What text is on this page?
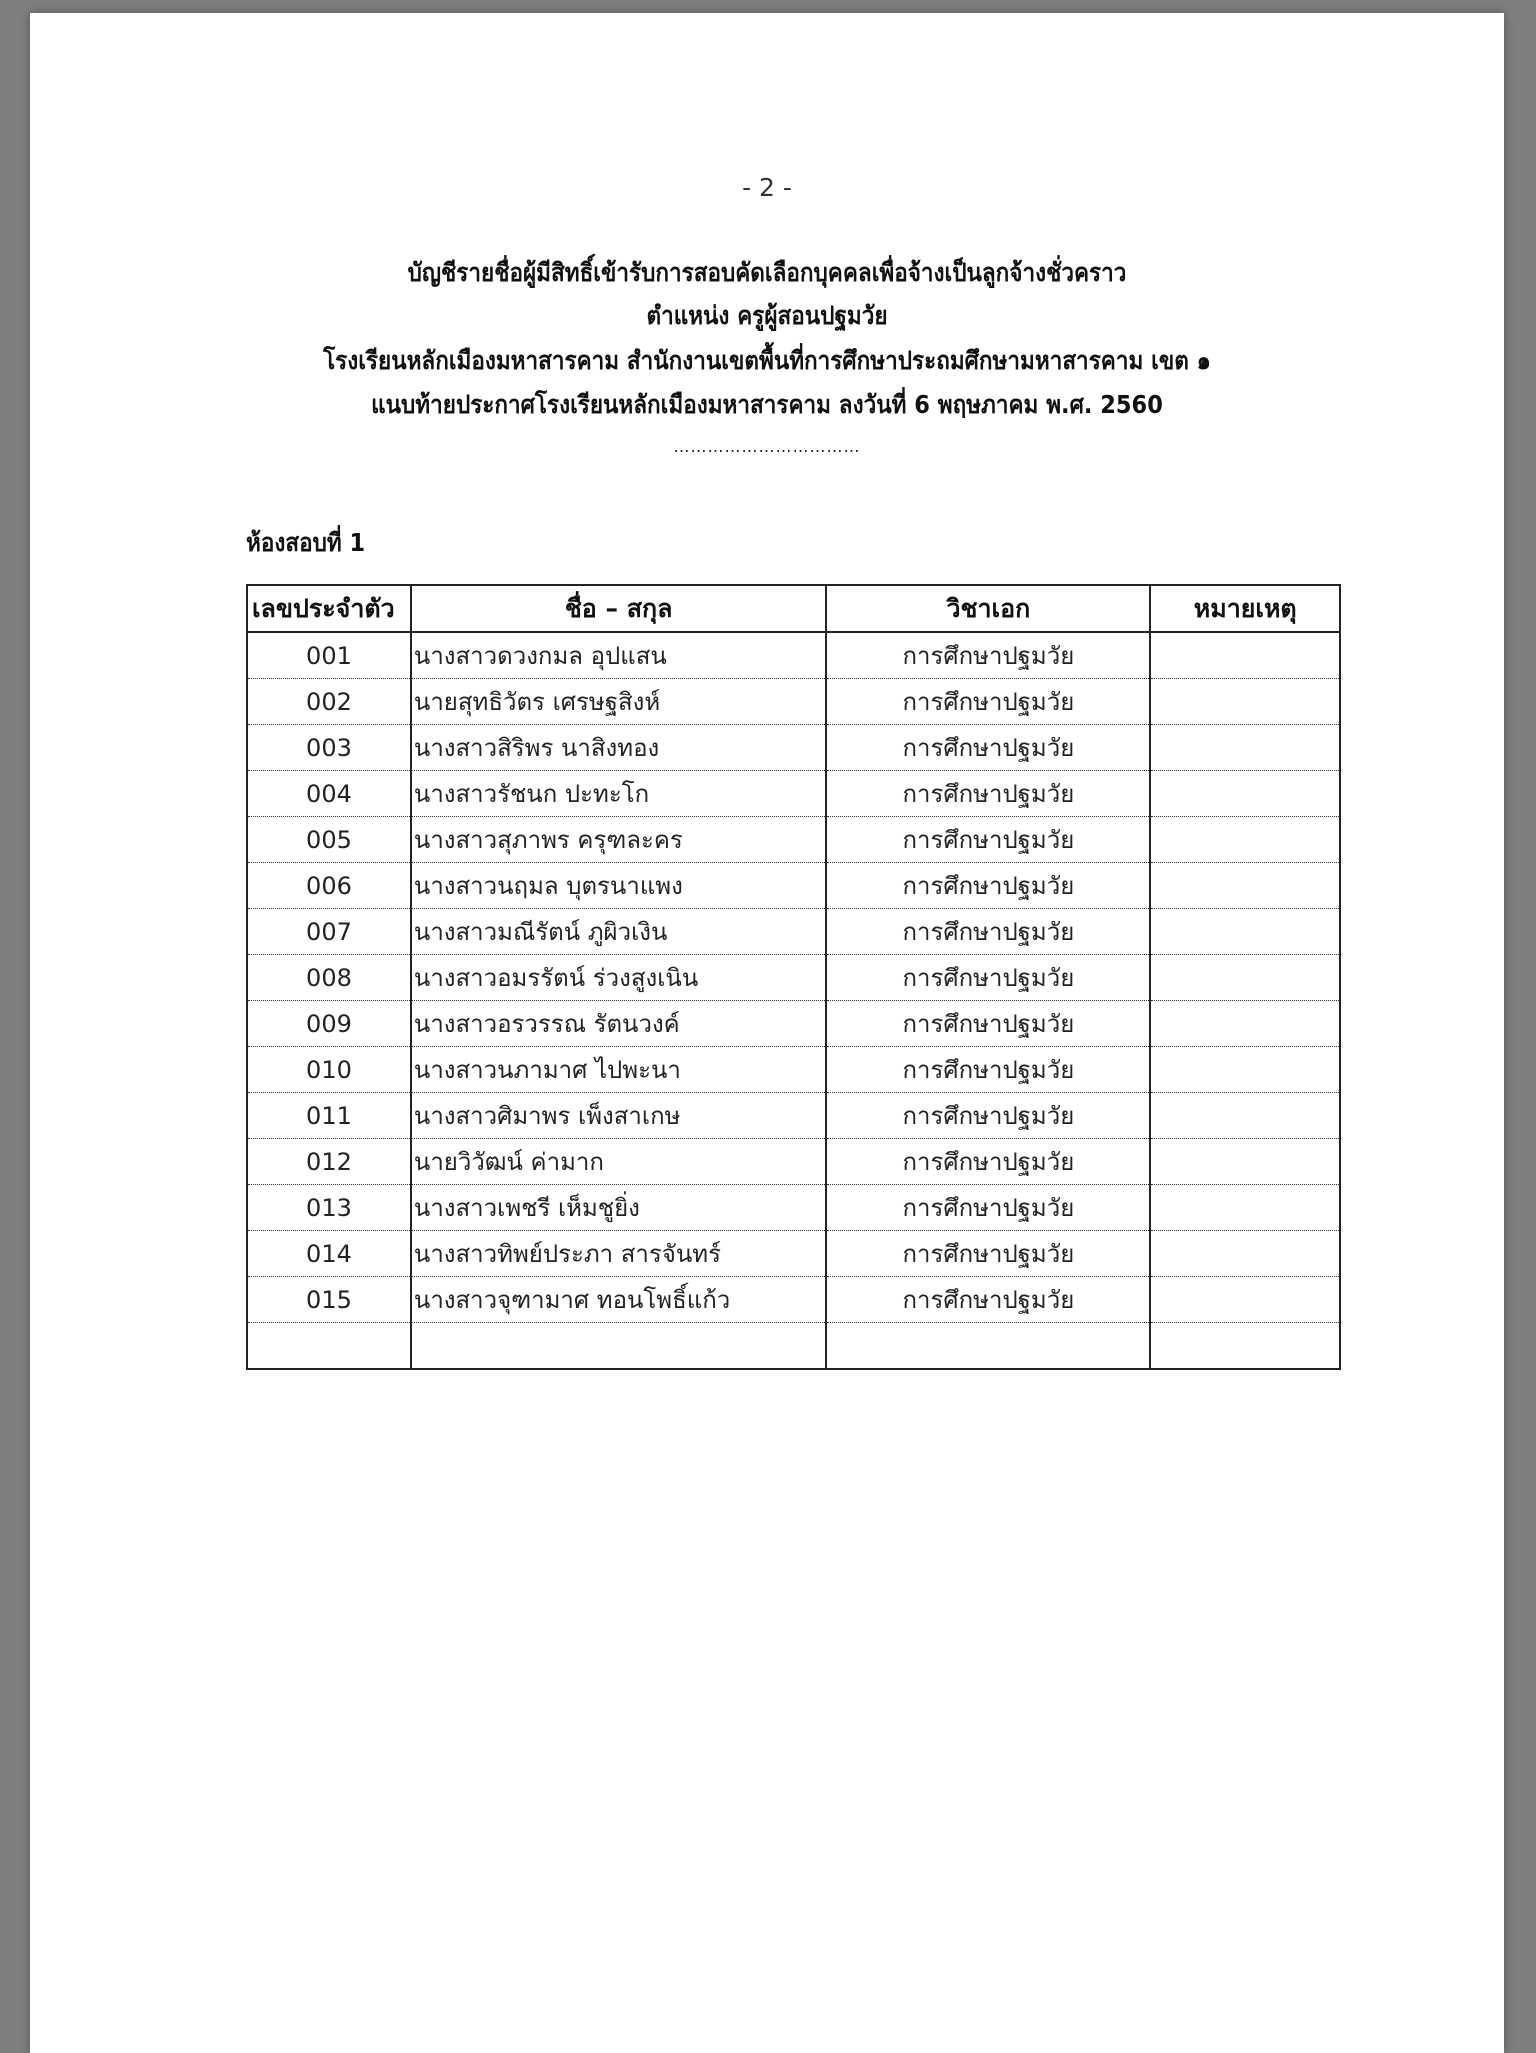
- 2 -
บัญชีรายชื่อผู้มีสิทธิ์เข้ารับการสอบคัดเลือกบุคคลเพื่อจ้างเป็นลูกจ้างชั่วคราว
ตำแหน่ง ครูผู้สอนปฐมวัย
โรงเรียนหลักเมืองมหาสารคาม สำนักงานเขตพื้นที่การศึกษาประถมศึกษามหาสารคาม เขต ๑
แนบท้ายประกาศโรงเรียนหลักเมืองมหาสารคาม ลงวันที่ 6 พฤษภาคม พ.ศ. 2560
……………………………
ห้องสอบที่ 1
เลขประจำตัว	ชื่อ – สกุล	วิชาเอก	หมายเหตุ
001	นางสาวดวงกมล อุปแสน	การศึกษาปฐมวัย	
002	นายสุทธิวัตร เศรษฐสิงห์	การศึกษาปฐมวัย	
003	นางสาวสิริพร นาสิงทอง	การศึกษาปฐมวัย	
004	นางสาวรัชนก ปะทะโก	การศึกษาปฐมวัย	
005	นางสาวสุภาพร ครุฑละคร	การศึกษาปฐมวัย	
006	นางสาวนฤมล บุตรนาแพง	การศึกษาปฐมวัย	
007	นางสาวมณีรัตน์ ภูผิวเงิน	การศึกษาปฐมวัย	
008	นางสาวอมรรัตน์ ร่วงสูงเนิน	การศึกษาปฐมวัย	
009	นางสาวอรวรรณ รัตนวงค์	การศึกษาปฐมวัย	
010	นางสาวนภามาศ ไปพะนา	การศึกษาปฐมวัย	
011	นางสาวศิมาพร เพ็งสาเกษ	การศึกษาปฐมวัย	
012	นายวิวัฒน์ ค่ามาก	การศึกษาปฐมวัย	
013	นางสาวเพชรี เห็มชูยิ่ง	การศึกษาปฐมวัย	
014	นางสาวทิพย์ประภา สารจันทร์	การศึกษาปฐมวัย	
015	นางสาวจุฑามาศ ทอนโพธิ์แก้ว	การศึกษาปฐมวัย	
